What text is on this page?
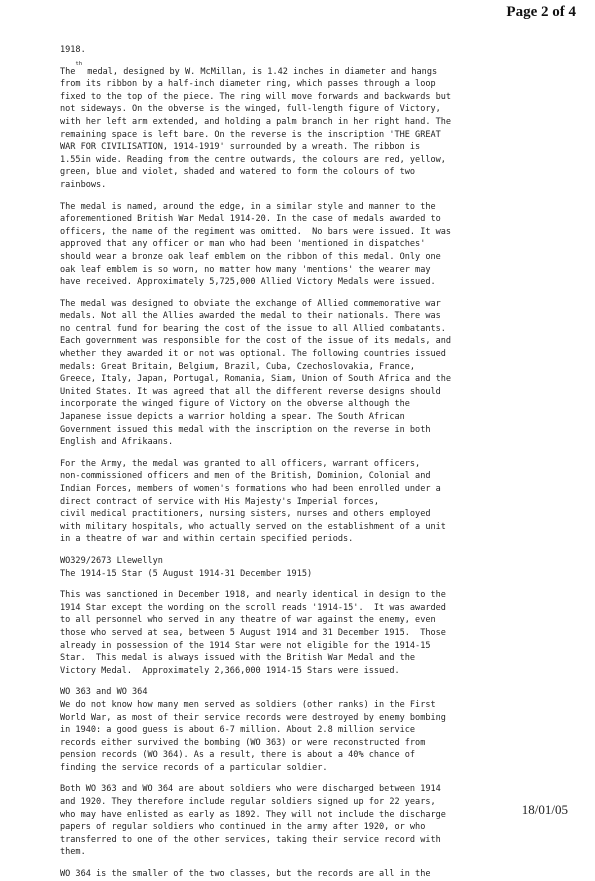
Page 2 of 4
1918.
The$^{th}$ medal, designed by W. McMillan, is 1.42 inches in diameter and hangs
from its ribbon by a half-inch diameter ring, which passes through a loop
fixed to the top of the piece. The ring will move forwards and backwards but
not sideways. On the obverse is the winged, full-length figure of Victory,
with her left arm extended, and holding a palm branch in her right hand. The
remaining space is left bare. On the reverse is the inscription 'THE GREAT
WAR FOR CIVILISATION, 1914-1919' surrounded by a wreath. The ribbon is
1.55in wide. Reading from the centre outwards, the colours are red, yellow,
green, blue and violet, shaded and watered to form the colours of two
rainbows.
The medal is named, around the edge, in a similar style and manner to the
aforementioned British War Medal 1914-20. In the case of medals awarded to
officers, the name of the regiment was omitted.  No bars were issued. It was
approved that any officer or man who had been 'mentioned in dispatches'
should wear a bronze oak leaf emblem on the ribbon of this medal. Only one
oak leaf emblem is so worn, no matter how many 'mentions' the wearer may
have received. Approximately 5,725,000 Allied Victory Medals were issued.
The medal was designed to obviate the exchange of Allied commemorative war
medals. Not all the Allies awarded the medal to their nationals. There was
no central fund for bearing the cost of the issue to all Allied combatants.
Each government was responsible for the cost of the issue of its medals, and
whether they awarded it or not was optional. The following countries issued
medals: Great Britain, Belgium, Brazil, Cuba, Czechoslovakia, France,
Greece, Italy, Japan, Portugal, Romania, Siam, Union of South Africa and the
United States. It was agreed that all the different reverse designs should
incorporate the winged figure of Victory on the obverse although the
Japanese issue depicts a warrior holding a spear. The South African
Government issued this medal with the inscription on the reverse in both
English and Afrikaans.
For the Army, the medal was granted to all officers, warrant officers,
non-commissioned officers and men of the British, Dominion, Colonial and
Indian Forces, members of women's formations who had been enrolled under a
direct contract of service with His Majesty's Imperial forces,
civil medical practitioners, nursing sisters, nurses and others employed
with military hospitals, who actually served on the establishment of a unit
in a theatre of war and within certain specified periods.
WO329/2673 Llewellyn
The 1914-15 Star (5 August 1914-31 December 1915)
This was sanctioned in December 1918, and nearly identical in design to the
1914 Star except the wording on the scroll reads '1914-15'.  It was awarded
to all personnel who served in any theatre of war against the enemy, even
those who served at sea, between 5 August 1914 and 31 December 1915.  Those
already in possession of the 1914 Star were not eligible for the 1914-15
Star.  This medal is always issued with the British War Medal and the
Victory Medal.  Approximately 2,366,000 1914-15 Stars were issued.
WO 363 and WO 364
We do not know how many men served as soldiers (other ranks) in the First
World War, as most of their service records were destroyed by enemy bombing
in 1940: a good guess is about 6-7 million. About 2.8 million service
records either survived the bombing (WO 363) or were reconstructed from
pension records (WO 364). As a result, there is about a 40% chance of
finding the service records of a particular soldier.
Both WO 363 and WO 364 are about soldiers who were discharged between 1914
and 1920. They therefore include regular soldiers signed up for 22 years,
who may have enlisted as early as 1892. They will not include the discharge
papers of regular soldiers who continued in the army after 1920, or who
transferred to one of the other services, taking their service record with
them.
WO 364 is the smaller of the two classes, but the records are all in the
18/01/05
